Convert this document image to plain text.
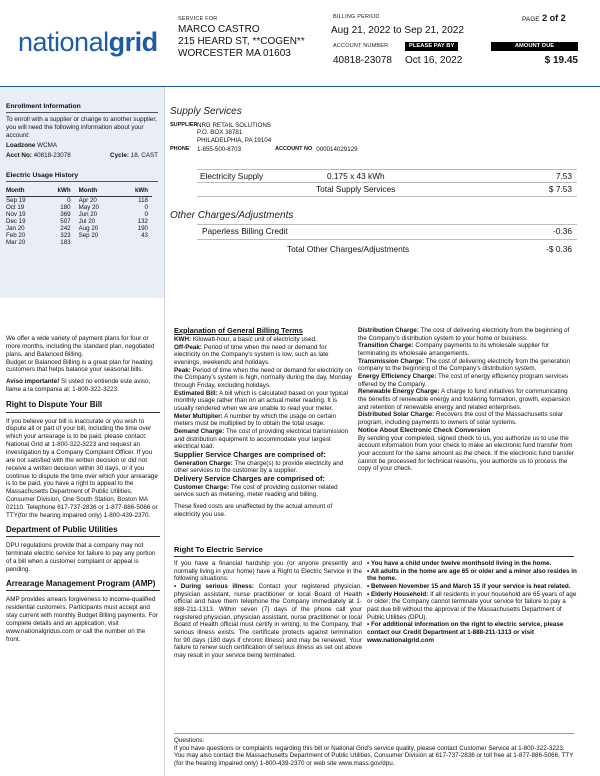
nationalgrid
SERVICE FOR
MARCO CASTRO
215 HEARD ST, **COGEN**
WORCESTER MA 01603
BILLING PERIOD
Aug 21, 2022 to Sep 21, 2022
PAGE 2 of 2
ACCOUNT NUMBER	PLEASE PAY BY	AMOUNT DUE
40818-23078 Oct 16, 2022	$ 19.45
Enrollment Information
To enroll with a supplier or change to another supplier, you will need the following information about your account:
Loadzone WCMA
Acct No: 40818-23078	Cycle: 18, CAST
Electric Usage History
Month	kWh	Month	kWh
Sep 19	0	Apr 20	118
Oct 19	180	May 20	0
Nov 19	369	Jun 20	0
Dec 19	507	Jul 20	132
Jan 20	242	Aug 20	190
Feb 20	323	Sep 20	43
Mar 20	183		

We offer a wide variety of payment plans for four or more months, including the standard plan, negotiated plans, and Balanced Billing.

Budget or Balanced Billing is a great plan for heating customers that helps balance your seasonal bills.

Aviso importante! Si usted no entiende este aviso, llame a la compania al: 1-800-322-3223.

Right to Dispute Your Bill

If you believe your bill is inaccurate or you wish to dispute all or part of your bill, including the time over which your arrearage is to be paid, please contact: National Grid at 1-800-322-3223 and request an investigation by a Company Complaint Officer. If you are not satisfied with the written decision or did not receive a written decision within 30 days, or if you continue to dispute the time over which your arrearage is to be paid, you have a right to appeal to the Massachusetts Department of Public Utilities, Consumer Division, One South Station, Boston MA 02110. Telephone 617-737-2836 or 1-877-886-5066 or TTY(for the hearing impaired only) 1-800-439-2370.

Department of Public Utilities

DPU regulations provide that a company may not terminate electric service for failure to pay any portion of a bill when a customer complaint or appeal is pending.

Arrearage Management Program (AMP)

AMP provides arrears forgiveness to income-qualified residential customers. Participants must accept and stay current with monthly Budget Billing payments. For complete details and an application, visit www.nationalgridus.com or call the number on the front.

Supply Services
SUPPLIER NRG RETAIL SOLUTIONS
P.O. BOX 38781
PHILADELPHIA, PA 19104
PHONE	1-855-500-8703	ACCOUNT NO 000014029129
Electricity Supply	0.175 x 43 kWh	7.53
Total Supply Services	$ 7.53
Other Charges/Adjustments
Paperless Billing Credit	-0.36
Total Other Charges/Adjustments	-$ 0.36
Explanation of General Billing Terms

KWH: Kilowatt-hour, a basic unit of electricity used.

Off-Peak: Period of time when the need or demand for electricity on the Company's system is low, such as late evenings, weekends and holidays.

Peak: Period of time when the need or demand for electricity on the Company's system is high, normally during the day, Monday through Friday, excluding holidays.

Estimated Bill: A bill which is calculated based on your typical monthly usage rather than on an actual meter reading. It is usually rendered when we are unable to read your meter.

Meter Multiplier: A number by which the usage on certain meters must be multiplied by to obtain the total usage.

Demand Charge: The cost of providing electrical transmission and distribution equipment to accommodate your largest electrical load.

Supplier Service Charges are comprised of:

Generation Charge: The charge(s) to provide electricity and other services to the customer by a supplier.

Delivery Service Charges are comprised of:

Customer Charge: The cost of providing customer related service such as metering, meter reading and billing.

These fixed costs are unaffected by the actual amount of electricity you use.

Distribution Charge: The cost of delivering electricity from the beginning of the Company's distribution system to your home or business.

Transition Charge: Company payments to its wholesale supplier for terminating its wholesale arrangements.

Transmission Charge: The cost of delivering electricity from the generation company to the beginning of the Company's distribution system.

Energy Efficiency Charge: The cost of energy efficiency program services offered by the Company.

Renewable Energy Charge: A charge to fund initiatives for communicating the benefits of renewable energy and fostering formation, growth, expansion and retention of renewable energy and related enterprises.

Distributed Solar Charge: Recovers the cost of the Massachusetts solar program, including payments to owners of solar systems.

Notice About Electronic Check Conversion

By sending your completed, signed check to us, you authorize us to use the account information from your check to make an electronic fund transfer from your account for the same amount as the check. If the electronic fund transfer cannot be processed for technical reasons, you authorize us to process the copy of your check.

Right To Electric Service

If you have a financial hardship you (or anyone presently and normally living in your home) have a Right to Electric Service in the following situations:

• During serious illness: Contact your registered physician, physician assistant, nurse practitioner or local Board of Health official and have them telephone the Company immediately at 1-888-211-1313. Within seven (7) days of the phone call your registered physician, physician assistant, nurse practitioner or local Board of Health official must certify in writing, to the Company, that serious illness exists. The certificate protects against termination for 90 days (180 days if chronic illness) and may be renewed. Your failure to renew such certification of serious illness as set out above may result in your service being terminated.

• You have a child under twelve monthsold living in the home.

• All adults in the home are age 65 or older and a minor also resides in the home.

• Between November 15 and March 15 if your service is heat related.

• Elderly Household: If all residents in your household are 65 years of age or older; the Company cannot terminate your service for failure to pay a past due bill without the approval of the Massachusetts Department of Public Utilities (DPU).

• For additional information on the right to electric service, please contact our Credit Department at 1-888-211-1313 or visit www.nationalgrid.com

Questions:

If you have questions or complaints regarding this bill or National Grid's service quality, please contact Customer Service at 1-800-322-3223. You may also contact the Massachusetts Department of Public Utilities, Consumer Division at 617-737-2836 or toll free at 1-877-886-5066, TTY (for the hearing impaired only) 1-800-439-2370 or web site www.mass.gov/dpu.
